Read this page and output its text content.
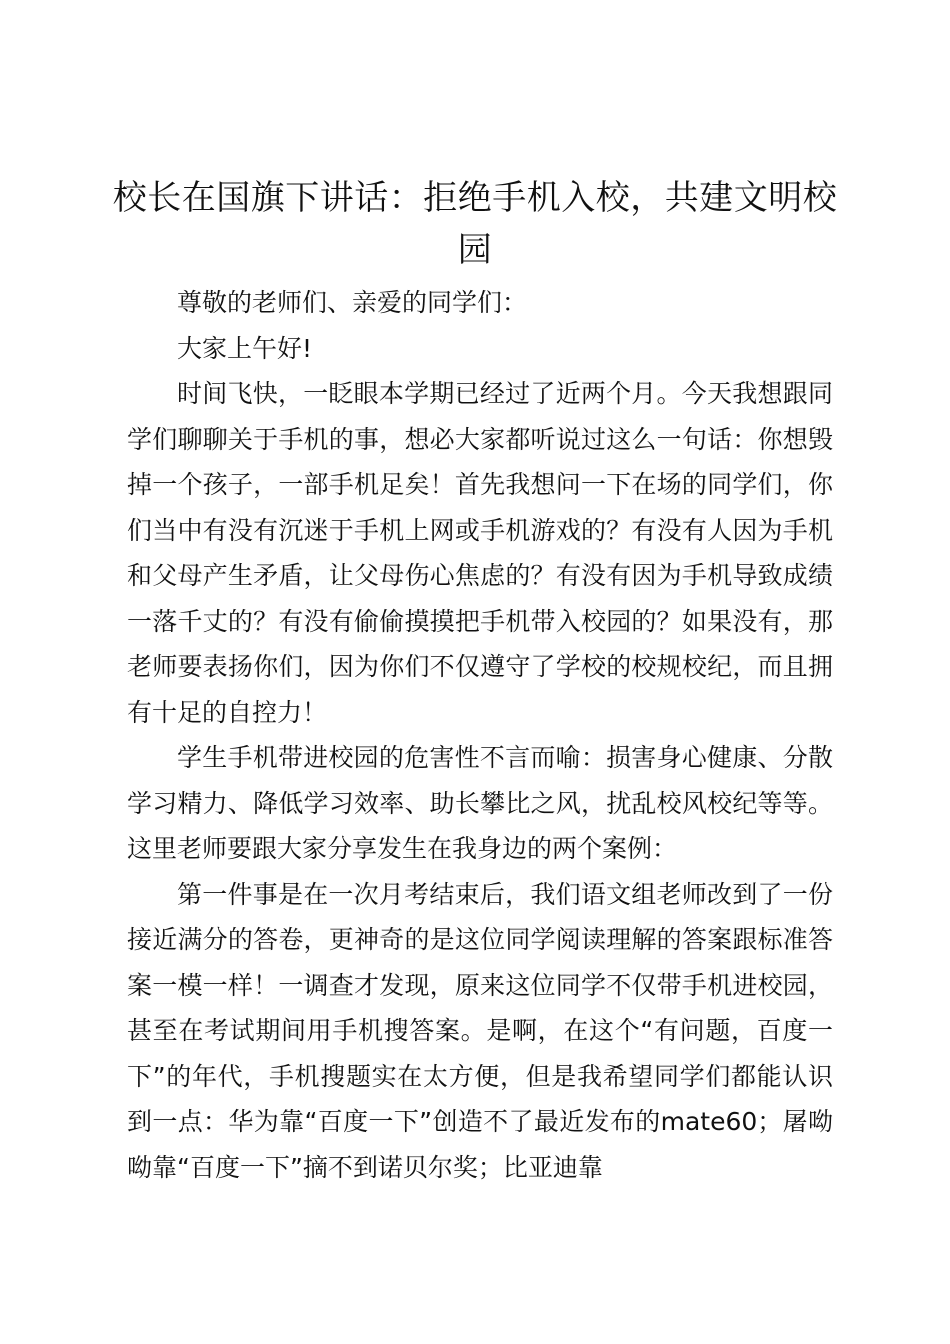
校长在国旗下讲话：拒绝手机入校，共建文明校园

尊敬的老师们、亲爱的同学们：

大家上午好!

时间飞快，一眨眼本学期已经过了近两个月。今天我想跟同学们聊聊关于手机的事，想必大家都听说过这么一句话：你想毁掉一个孩子，一部手机足矣！首先我想问一下在场的同学们，你们当中有没有沉迷于手机上网或手机游戏的？有没有人因为手机和父母产生矛盾，让父母伤心焦虑的？有没有因为手机导致成绩一落千丈的？有没有偷偷摸摸把手机带入校园的？如果没有，那老师要表扬你们，因为你们不仅遵守了学校的校规校纪，而且拥有十足的自控力！

学生手机带进校园的危害性不言而喻：损害身心健康、分散学习精力、降低学习效率、助长攀比之风，扰乱校风校纪等等。这里老师要跟大家分享发生在我身边的两个案例：

第一件事是在一次月考结束后，我们语文组老师改到了一份接近满分的答卷，更神奇的是这位同学阅读理解的答案跟标准答案一模一样！一调查才发现，原来这位同学不仅带手机进校园，甚至在考试期间用手机搜答案。是啊，在这个“有问题，百度一下”的年代，手机搜题实在太方便，但是我希望同学们都能认识到一点：华为靠“百度一下”创造不了最近发布的mate60；屠呦呦靠“百度一下”摘不到诺贝尔奖；比亚迪靠
